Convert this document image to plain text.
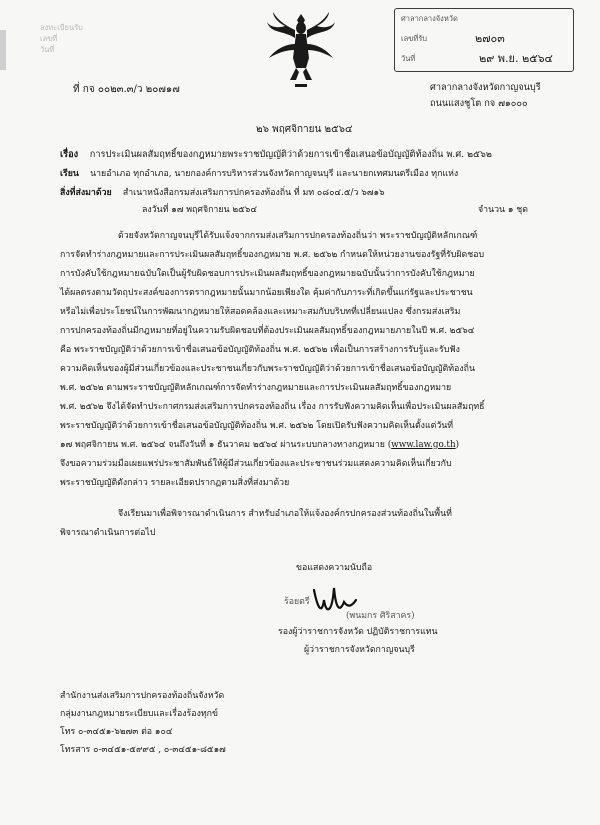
ลงทะเบียนรับ
เลขที่
วันที่
ศาลากลางจังหวัด
เลขที่รับ	๒๗๐๓
วันที่	๒๙ พ.ย. ๒๕๖๔
ที่ กจ ๐๐๒๓.๓/ว ๒๐๗๑๗	ศาลากลางจังหวัดกาญจนบุรี
ถนนแสงชูโต กจ ๗๑๐๐๐
๒๖ พฤศจิกายน ๒๕๖๔
เรื่อง การประเมินผลสัมฤทธิ์ของกฎหมายพระราชบัญญัติว่าด้วยการเข้าชื่อเสนอข้อบัญญัติท้องถิ่น พ.ศ. ๒๕๖๒
เรียน นายอำเภอ ทุกอำเภอ, นายกองค์การบริหารส่วนจังหวัดกาญจนบุรี และนายกเทศมนตรีเมือง ทุกแห่ง
สิ่งที่ส่งมาด้วย สำเนาหนังสือกรมส่งเสริมการปกครองท้องถิ่น ที่ มท ๐๘๐๔.๕/ว ๖๗๑๖
ลงวันที่ ๑๗ พฤศจิกายน ๒๕๖๔	จำนวน ๑ ชุด
ด้วยจังหวัดกาญจนบุรีได้รับแจ้งจากกรมส่งเสริมการปกครองท้องถิ่นว่า พระราชบัญญัติหลักเกณฑ์
การจัดทำร่างกฎหมายและการประเมินผลสัมฤทธิ์ของกฎหมาย พ.ศ. ๒๕๖๒ กำหนดให้หน่วยงานของรัฐที่รับผิดชอบ
การบังคับใช้กฎหมายฉบับใดเป็นผู้รับผิดชอบการประเมินผลสัมฤทธิ์ของกฎหมายฉบับนั้นว่าการบังคับใช้กฎหมาย
ได้ผลตรงตามวัตถุประสงค์ของการตรากฎหมายนั้นมากน้อยเพียงใด คุ้มค่ากับภาระที่เกิดขึ้นแก่รัฐและประชาชน
หรือไม่เพื่อประโยชน์ในการพัฒนากฎหมายให้สอดคล้องและเหมาะสมกับบริบทที่เปลี่ยนแปลง ซึ่งกรมส่งเสริม
การปกครองท้องถิ่นมีกฎหมายที่อยู่ในความรับผิดชอบที่ต้องประเมินผลสัมฤทธิ์ของกฎหมายภายในปี พ.ศ. ๒๕๖๔
คือ พระราชบัญญัติว่าด้วยการเข้าชื่อเสนอข้อบัญญัติท้องถิ่น พ.ศ. ๒๕๖๒ เพื่อเป็นการสร้างการรับรู้และรับฟัง
ความคิดเห็นของผู้มีส่วนเกี่ยวข้องและประชาชนเกี่ยวกับพระราชบัญญัติว่าด้วยการเข้าชื่อเสนอข้อบัญญัติท้องถิ่น
พ.ศ. ๒๕๖๒ ตามพระราชบัญญัติหลักเกณฑ์การจัดทำร่างกฎหมายและการประเมินผลสัมฤทธิ์ของกฎหมาย
พ.ศ. ๒๕๖๒ จึงได้จัดทำประกาศกรมส่งเสริมการปกครองท้องถิ่น เรื่อง การรับฟังความคิดเห็นเพื่อประเมินผลสัมฤทธิ์
พระราชบัญญัติว่าด้วยการเข้าชื่อเสนอข้อบัญญัติท้องถิ่น พ.ศ. ๒๕๖๒ โดยเปิดรับฟังความคิดเห็นตั้งแต่วันที่
๑๗ พฤศจิกายน พ.ศ. ๒๕๖๔ จนถึงวันที่ ๑ ธันวาคม ๒๕๖๔ ผ่านระบบกลางทางกฎหมาย (www.law.go.th)
จึงขอความร่วมมือเผยแพร่ประชาสัมพันธ์ให้ผู้มีส่วนเกี่ยวข้องและประชาชนร่วมแสดงความคิดเห็นเกี่ยวกับ
พระราชบัญญัติดังกล่าว รายละเอียดปรากฏตามสิ่งที่ส่งมาด้วย
จึงเรียนมาเพื่อพิจารณาดำเนินการ สำหรับอำเภอให้แจ้งองค์กรปกครองส่วนท้องถิ่นในพื้นที่
พิจารณาดำเนินการต่อไป
ขอแสดงความนับถือ
ร้อยตรี
(พนมกร ศิริสาคร)
รองผู้ว่าราชการจังหวัด ปฏิบัติราชการแทน
ผู้ว่าราชการจังหวัดกาญจนบุรี
สำนักงานส่งเสริมการปกครองท้องถิ่นจังหวัด
กลุ่มงานกฎหมายระเบียบและเรื่องร้องทุกข์
โทร ๐-๓๔๕๑-๖๒๗๓ ต่อ ๑๐๔
โทรสาร ๐-๓๔๕๑-๕๙๙๕ , ๐-๓๔๕๑-๘๕๑๗
